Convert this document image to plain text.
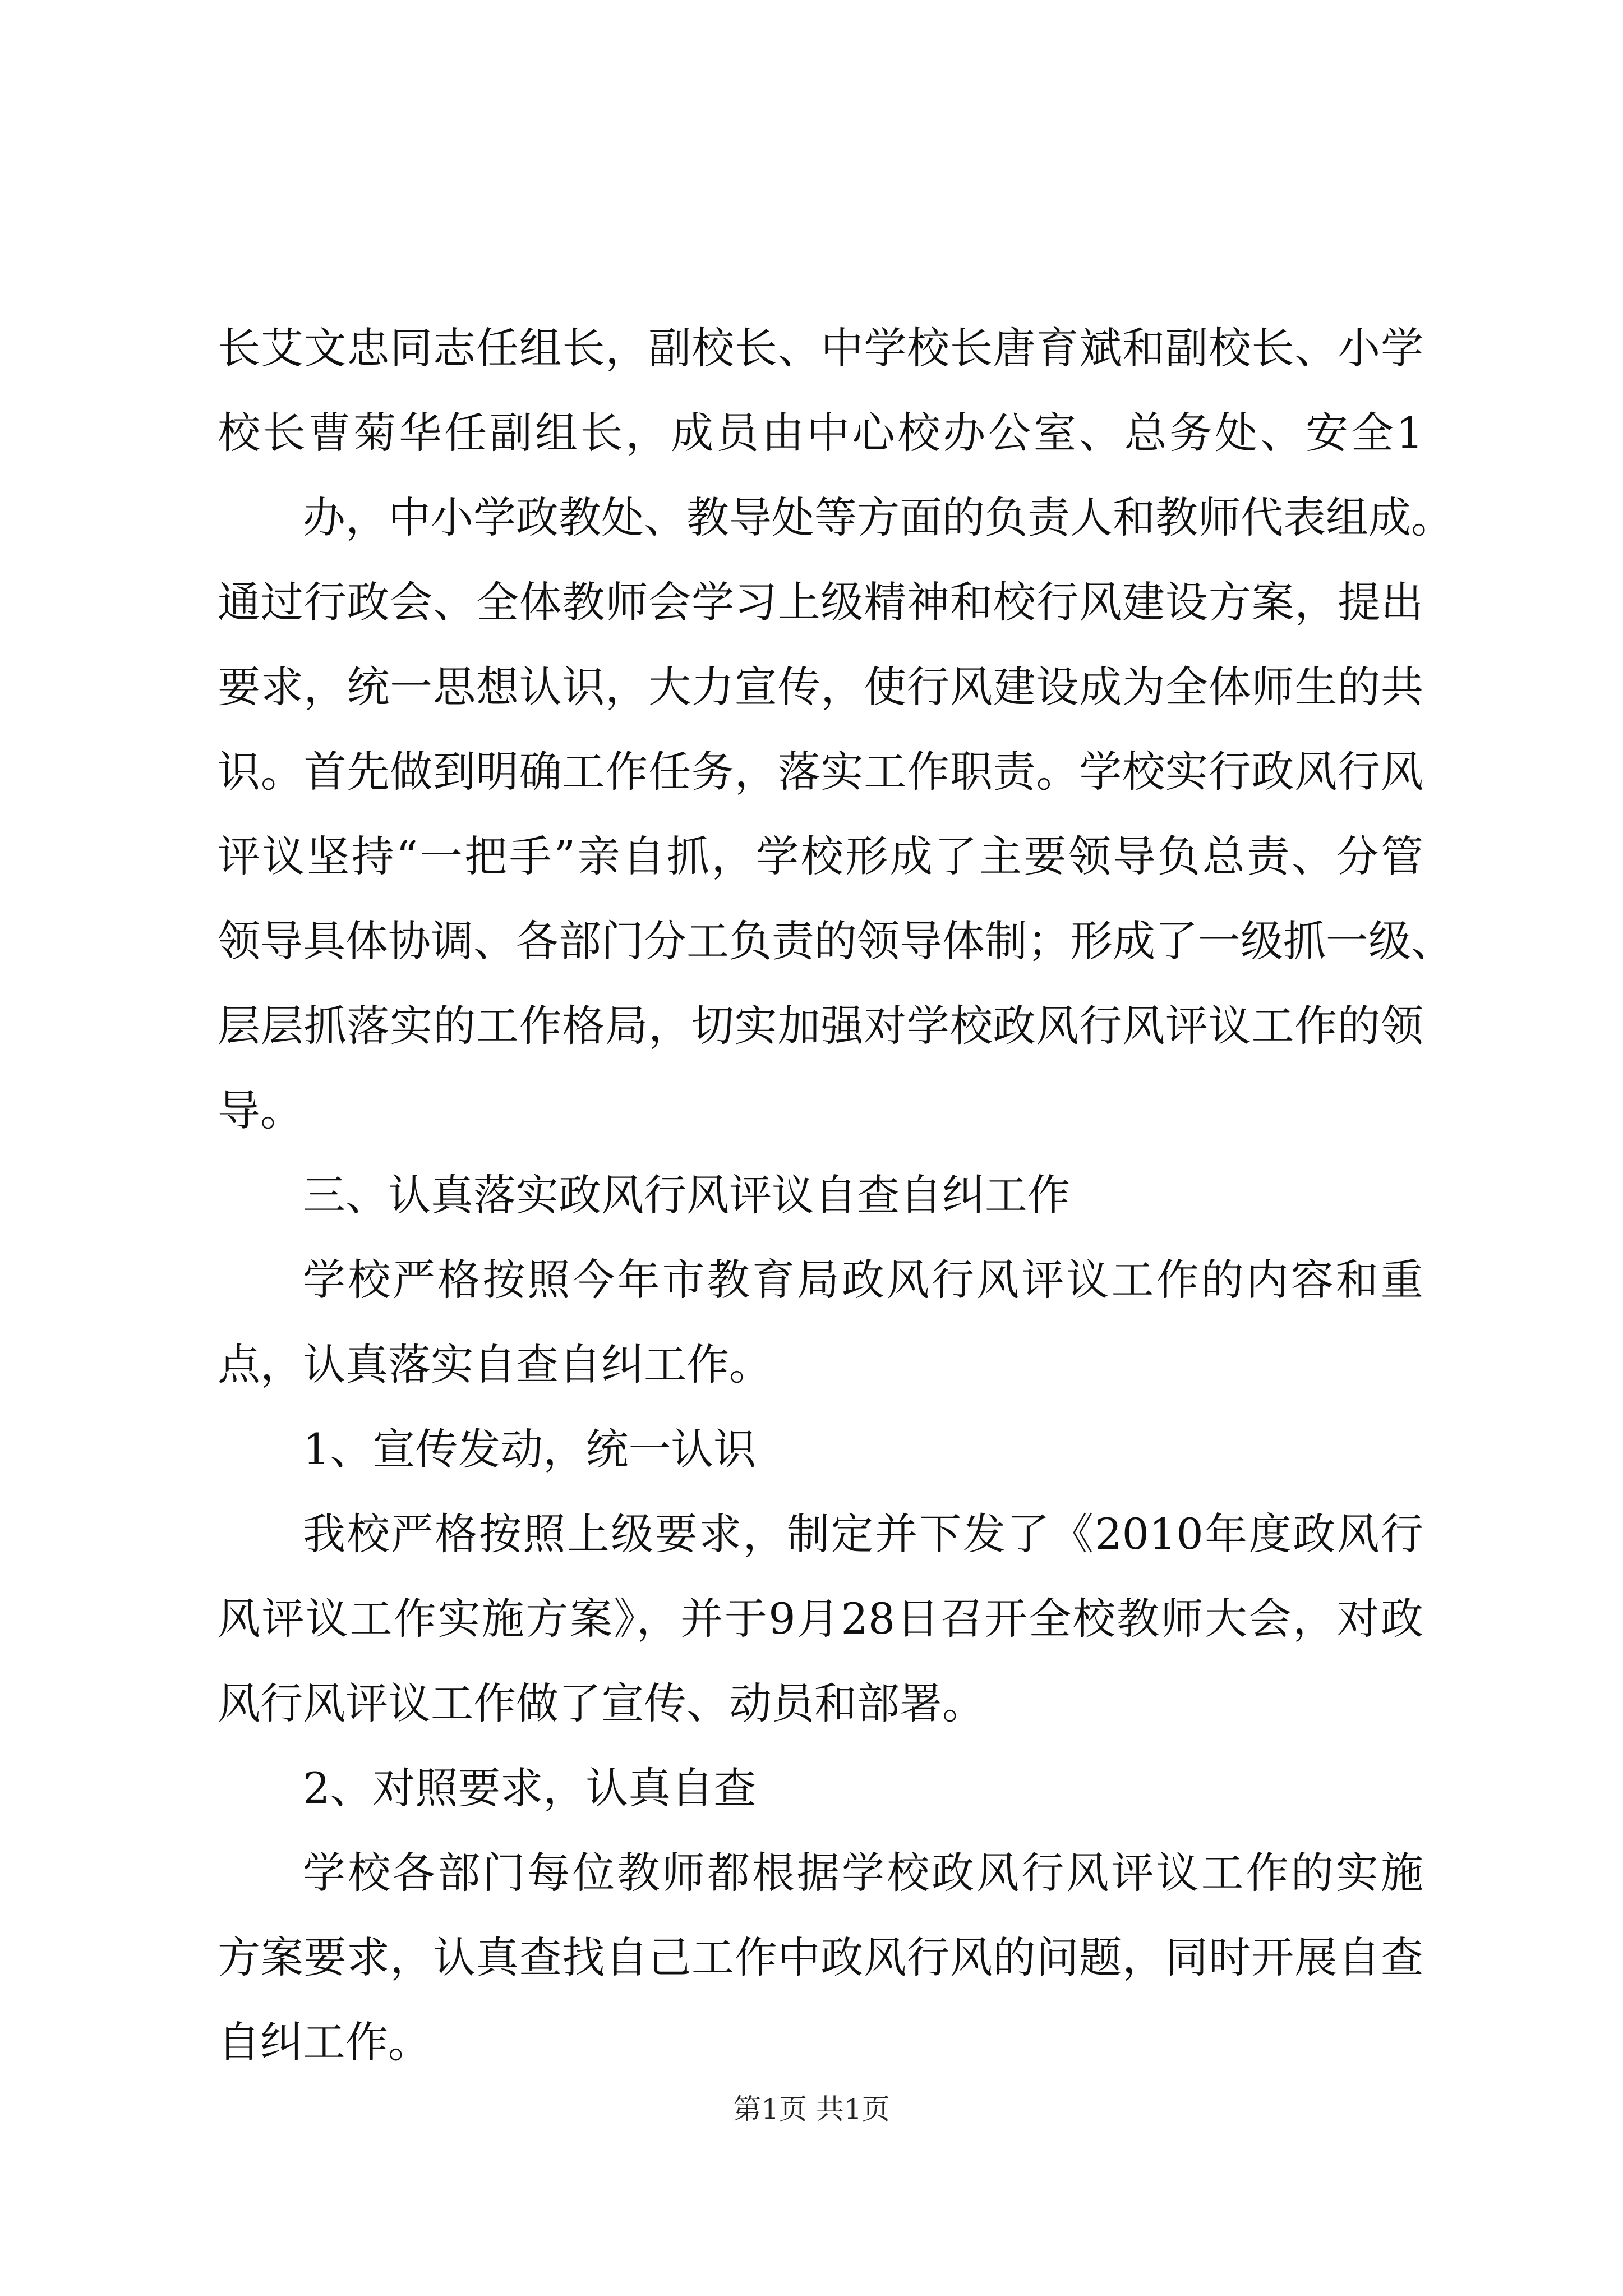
长艾文忠同志任组长，副校长、中学校长唐育斌和副校长、小学
校长曹菊华任副组长，成员由中心校办公室、总务处、安全1
办，中小学政教处、教导处等方面的负责人和教师代表组成。
通过行政会、全体教师会学习上级精神和校行风建设方案，提出
要求，统一思想认识，大力宣传，使行风建设成为全体师生的共
识。首先做到明确工作任务，落实工作职责。学校实行政风行风
评议坚持“一把手”亲自抓，学校形成了主要领导负总责、分管
领导具体协调、各部门分工负责的领导体制；形成了一级抓一级、
层层抓落实的工作格局，切实加强对学校政风行风评议工作的领
导。
三、认真落实政风行风评议自查自纠工作
学校严格按照今年市教育局政风行风评议工作的内容和重
点，认真落实自查自纠工作。
1、宣传发动，统一认识
我校严格按照上级要求，制定并下发了《2010年度政风行
风评议工作实施方案》，并于9月28日召开全校教师大会，对政
风行风评议工作做了宣传、动员和部署。
2、对照要求，认真自查
学校各部门每位教师都根据学校政风行风评议工作的实施
方案要求，认真查找自己工作中政风行风的问题，同时开展自查
自纠工作。
第1页 共1页
